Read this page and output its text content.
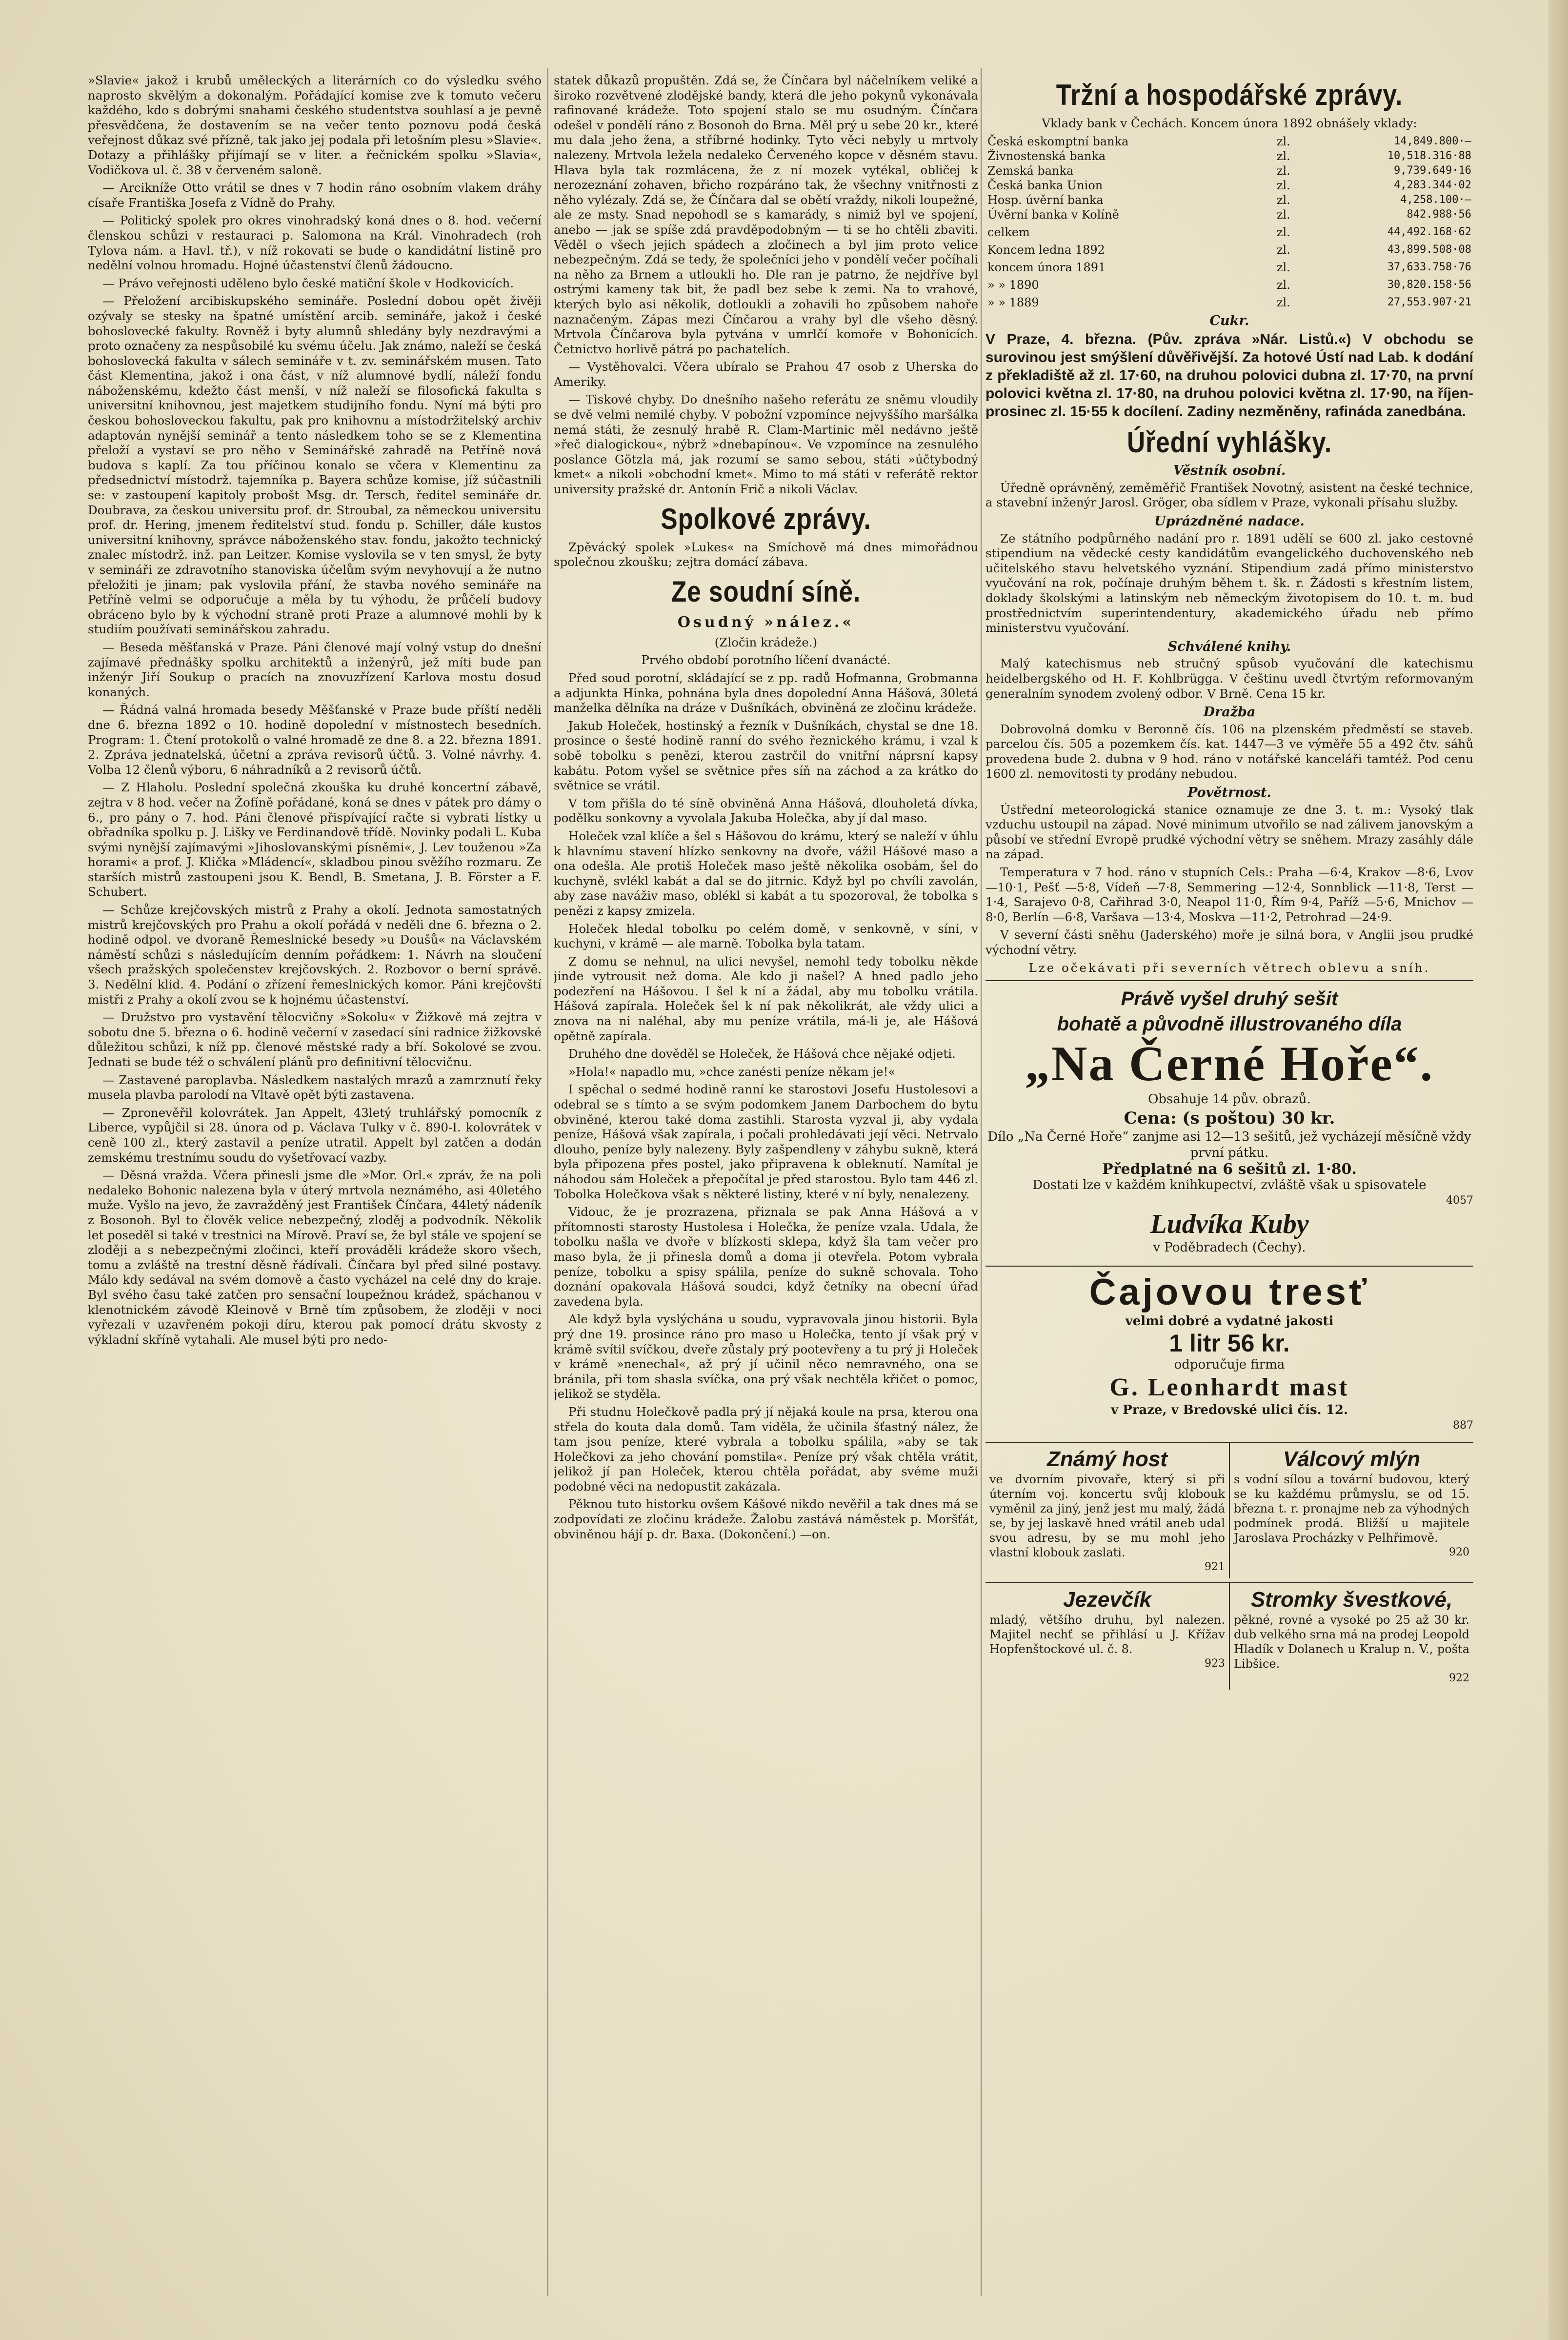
»Slavie« jakož i krubů uměleckých a literárních co do výsledku svého naprosto skvělým a dokonalým. Pořádající komise zve k tomuto večeru každého, kdo s dobrými snahami českého studentstva souhlasí a je pevně přesvědčena, že dostavením se na večer tento poznovu podá česká veřejnost důkaz své přízně, tak jako jej podala při letošním plesu »Slavie«. Dotazy a přihlášky přijímají se v liter. a řečnickém spolku »Slavia«, Vodičkova ul. č. 38 v červeném saloně.

— Arcikníže Otto vrátil se dnes v 7 hodin ráno osobním vlakem dráhy císaře Františka Josefa z Vídně do Prahy.

— Politický spolek pro okres vinohradský koná dnes o 8. hod. večerní členskou schůzi v restauraci p. Salomona na Král. Vinohradech (roh Tylova nám. a Havl. tř.), v níž rokovati se bude o kandidátní listině pro nedělní volnou hromadu. Hojné účastenství členů žádoucno.

— Právo veřejnosti uděleno bylo české matiční škole v Hodkovicích.

— Přeložení arcibiskupského semináře. Poslední dobou opět živěji ozývaly se stesky na špatné umístění arcib. semináře, jakož i české bohoslovecké fakulty. Rovněž i byty alumnů shledány byly nezdravými a proto označeny za nespůsobilé ku svému účelu. Jak známo, naleží se česká bohoslovecká fakulta v sálech semináře v t. zv. seminářském musen. Tato část Klementina, jakož i ona část, v níž alumnové bydlí, náleží fondu náboženskému, kdežto část menší, v níž naleží se filosofická fakulta s universitní knihovnou, jest majetkem studijního fondu. Nyní má býti pro českou bohosloveckou fakultu, pak pro knihovnu a místodržitelský archiv adaptován nynější seminář a tento následkem toho se se z Klementina přeloží a vystaví se pro něho v Seminářské zahradě na Petříně nová budova s kaplí. Za tou příčinou konalo se včera v Klementinu za předsednictví místodrž. tajemníka p. Bayera schůze komise, jíž súčastnili se: v zastoupení kapitoly probošt Msg. dr. Tersch, ředitel semináře dr. Doubrava, za českou universitu prof. dr. Stroubal, za německou universitu prof. dr. Hering, jmenem ředitelství stud. fondu p. Schiller, dále kustos universitní knihovny, správce náboženského stav. fondu, jakožto technický znalec místodrž. inž. pan Leitzer. Komise vyslovila se v ten smysl, že byty v semináři ze zdravotního stanoviska účelům svým nevyhovují a že nutno přeložiti je jinam; pak vyslovila přání, že stavba nového semináře na Petříně velmi se odporučuje a měla by tu výhodu, že průčelí budovy obráceno bylo by k východní straně proti Praze a alumnové mohli by k studiím používati seminářskou zahradu.

— Beseda měšťanská v Praze. Páni členové mají volný vstup do dnešní zajímavé přednášky spolku architektů a inženýrů, jež míti bude pan inženýr Jiří Soukup o pracích na znovuzřízení Karlova mostu dosud konaných.

— Řádná valná hromada besedy Měšťanské v Praze bude příští neděli dne 6. března 1892 o 10. hodině dopolední v místnostech besedních. Program: 1. Čtení protokolů o valné hromadě ze dne 8. a 22. března 1891. 2. Zpráva jednatelská, účetní a zpráva revisorů účtů. 3. Volné návrhy. 4. Volba 12 členů výboru, 6 náhradníků a 2 revisorů účtů.

— Z Hlaholu. Poslední společná zkouška ku druhé koncertní zábavě, zejtra v 8 hod. večer na Žofíně pořádané, koná se dnes v pátek pro dámy o 6., pro pány o 7. hod. Páni členové přispívající račte si vybrati lístky u obřadníka spolku p. J. Lišky ve Ferdinandově třídě. Novinky podali L. Kuba svými nynější zajímavými »Jihoslovanskými písněmi«, J. Lev touženou »Za horami« a prof. J. Klička »Mládencí«, skladbou pinou svěžího rozmaru. Ze starších mistrů zastoupeni jsou K. Bendl, B. Smetana, J. B. Förster a F. Schubert.

— Schůze krejčovských mistrů z Prahy a okolí. Jednota samostatných mistrů krejčovských pro Prahu a okolí pořádá v neděli dne 6. března o 2. hodině odpol. ve dvoraně Řemeslnické besedy »u Doušů« na Václavském náměstí schůzi s následujícím denním pořádkem: 1. Návrh na sloučení všech pražských společenstev krejčovských. 2. Rozbovor o berní správě. 3. Nedělní klid. 4. Podání o zřízení řemeslnických komor. Páni krejčovští mistři z Prahy a okolí zvou se k hojnému účastenství.

— Družstvo pro vystavění tělocvičny »Sokolu« v Žižkově má zejtra v sobotu dne 5. března o 6. hodině večerní v zasedací síni radnice žižkovské důležitou schůzi, k níž pp. členové městské rady a bří. Sokolové se zvou. Jednati se bude též o schválení plánů pro definitivní tělocvičnu.

— Zastavené paroplavba. Následkem nastalých mrazů a zamrznutí řeky musela plavba parolodí na Vltavě opět býti zastavena.

— Zpronevěřil kolovrátek. Jan Appelt, 43letý truhlářský pomocník z Liberce, vypůjčil si 28. února od p. Václava Tulky v č. 890-I. kolovrátek v ceně 100 zl., který zastavil a peníze utratil. Appelt byl zatčen a dodán zemskému trestnímu soudu do vyšetřovací vazby.

— Děsná vražda. Včera přinesli jsme dle »Mor. Orl.« zpráv, že na poli nedaleko Bohonic nalezena byla v úterý mrtvola neznámého, asi 40letého muže. Vyšlo na jevo, že zavražděný jest František Čínčara, 44letý nádeník z Bosonoh. Byl to člověk velice nebezpečný, zloděj a podvodník. Několik let poseděl si také v trestnici na Mírově. Praví se, že byl stále ve spojení se zloději a s nebezpečnými zločinci, kteří prováděli krádeže skoro všech, tomu a zvláště na trestní děsně řádívali. Čínčara byl před silné postavy. Málo kdy sedával na svém domově a často vycházel na celé dny do kraje. Byl svého času také zatčen pro sensační loupežnou krádež, spáchanou v klenotnickém závodě Kleinově v Brně tím způsobem, že zloději v noci vyřezali v uzavřeném pokoji díru, kterou pak pomocí drátu skvosty z výkladní skříně vytahali. Ale musel býti pro nedo-

statek důkazů propuštěn. Zdá se, že Čínčara byl náčelníkem veliké a široko rozvětvené zlodějské bandy, která dle jeho pokynů vykonávala rafinované krádeže. Toto spojení stalo se mu osudným. Čínčara odešel v pondělí ráno z Bosonoh do Brna. Měl prý u sebe 20 kr., které mu dala jeho žena, a stříbrné hodinky. Tyto věci nebyly u mrtvoly nalezeny. Mrtvola ležela nedaleko Červeného kopce v děsném stavu. Hlava byla tak rozmlácena, že z ní mozek vytékal, obličej k nerozeznání zohaven, břicho rozpáráno tak, že všechny vnitřnosti z něho vylézaly. Zdá se, že Čínčara dal se obětí vraždy, nikoli loupežné, ale ze msty. Snad nepohodl se s kamarády, s nimiž byl ve spojení, anebo — jak se spíše zdá pravděpodobným — ti se ho chtěli zbaviti. Věděl o všech jejich spádech a zločinech a byl jim proto velice nebezpečným. Zdá se tedy, že společníci jeho v pondělí večer počíhali na něho za Brnem a utloukli ho. Dle ran je patrno, že nejdříve byl ostrými kameny tak bit, že padl bez sebe k zemi. Na to vrahové, kterých bylo asi několik, dotloukli a zohavili ho způsobem nahoře naznačeným. Zápas mezi Čínčarou a vrahy byl dle všeho děsný. Mrtvola Čínčarova byla pytvána v umrlčí komoře v Bohonicích. Četnictvo horlivě pátrá po pachatelích.

— Vystěhovalci. Včera ubíralo se Prahou 47 osob z Uherska do Ameriky.

— Tiskové chyby. Do dnešního našeho referátu ze sněmu vloudily se dvě velmi nemilé chyby. V pobožní vzpomínce nejvyššího maršálka nemá státi, že zesnulý hrabě R. Clam-Martinic měl nedávno ještě »řeč dialogickou«, nýbrž »dnebapínou«. Ve vzpomínce na zesnulého poslance Götzla má, jak rozumí se samo sebou, státi »účtybodný kmet« a nikoli »obchodní kmet«. Mimo to má státi v referátě rektor university pražské dr. Antonín Frič a nikoli Václav.

Spolkové zprávy.

Zpěvácký spolek »Lukes« na Smíchově má dnes mimořádnou společnou zkoušku; zejtra domácí zábava.

Ze soudní síně.
Osudný »nález.«

(Zločin krádeže.)

Prvého období porotního líčení dvanácté.

Před soud porotní, skládající se z pp. radů Hofmanna, Grobmanna a adjunkta Hinka, pohnána byla dnes dopolední Anna Hášová, 30letá manželka dělníka na dráze v Dušníkách, obviněná ze zločinu krádeže.

Jakub Holeček, hostinský a řezník v Dušníkách, chystal se dne 18. prosince o šesté hodině ranní do svého řeznického krámu, i vzal k sobě tobolku s penězi, kterou zastrčil do vnitřní náprsní kapsy kabátu. Potom vyšel se světnice přes síň na záchod a za krátko do světnice se vrátil.

V tom přišla do té síně obviněná Anna Hášová, dlouholetá dívka, podělku sonkovny a vyvolala Jakuba Holečka, aby jí dal maso.

Holeček vzal klíče a šel s Hášovou do krámu, který se naleží v úhlu k hlavnímu stavení hlízko senkovny na dvoře, vážil Hášové maso a ona odešla. Ale protiš Holeček maso ještě několika osobám, šel do kuchyně, svlékl kabát a dal se do jitrnic. Když byl po chvíli zavolán, aby zase naváživ maso, oblékl si kabát a tu spozoroval, že tobolka s penězi z kapsy zmizela.

Holeček hledal tobolku po celém domě, v senkovně, v síni, v kuchyni, v krámě — ale marně. Tobolka byla tatam.

Z domu se nehnul, na ulici nevyšel, nemohl tedy tobolku někde jinde vytrousit než doma. Ale kdo ji našel? A hned padlo jeho podezření na Hášovou. I šel k ní a žádal, aby mu tobolku vrátila. Hášová zapírala. Holeček šel k ní pak několikrát, ale vždy ulici a znova na ni naléhal, aby mu peníze vrátila, má-li je, ale Hášová opětně zapírala.

Druhého dne dověděl se Holeček, že Hášová chce nějaké odjeti.

»Hola!« napadlo mu, »chce zanésti peníze někam je!«

I spěchal o sedmé hodině ranní ke starostovi Josefu Hustolesovi a odebral se s tímto a se svým podomkem Janem Darbochem do bytu obviněné, kterou také doma zastihli. Starosta vyzval ji, aby vydala peníze, Hášová však zapírala, i počali prohledávati její věci. Netrvalo dlouho, peníze byly nalezeny. Byly zašpendleny v záhybu sukně, která byla připozena přes postel, jako připravena k obleknutí. Namítal je náhodou sám Holeček a přepočítal je před starostou. Bylo tam 446 zl. Tobolka Holečkova však s některé listiny, které v ní byly, nenalezeny.

Vidouc, že je prozrazena, přiznala se pak Anna Hášová a v přítomnosti starosty Hustolesa i Holečka, že peníze vzala. Udala, že tobolku našla ve dvoře v blízkosti sklepa, když šla tam večer pro maso byla, že ji přinesla domů a doma ji otevřela. Potom vybrala peníze, tobolku a spisy spálila, peníze do sukně schovala. Toho doznání opakovala Hášová soudci, když četníky na obecní úřad zavedena byla.

Ale když byla vyslýchána u soudu, vypravovala jinou historii. Byla prý dne 19. prosince ráno pro maso u Holečka, tento jí však prý v krámě svítil svíčkou, dveře zůstaly prý pootevřeny a tu prý ji Holeček v krámě »nenechal«, až prý jí učinil něco nemravného, ona se bránila, při tom shasla svíčka, ona prý však nechtěla křičet o pomoc, jelikož se styděla.

Při studnu Holečkově padla prý jí nějaká koule na prsa, kterou ona střela do kouta dala domů. Tam viděla, že učinila šťastný nález, že tam jsou peníze, které vybrala a tobolku spálila, »aby se tak Holečkovi za jeho chování pomstila«. Peníze prý však chtěla vrátit, jelikož jí pan Holeček, kterou chtěla pořádat, aby svéme muži podobné věci na nedopustit zakázala.

Pěknou tuto historku ovšem Kášové nikdo nevěřil a tak dnes má se zodpovídati ze zločinu krádeže. Žalobu zastává náměstek p. Moršťát, obviněnou hájí p. dr. Baxa. (Dokončení.) —on.

Tržní a hospodářské zprávy.

Vklady bank v Čechách. Koncem února 1892 obnášely vklady:

Česká eskomptní banka	zl.	14,849.800·—
Živnostenská banka	zl.	10,518.316·88
Zemská banka	zl.	9,739.649·16
Česká banka Union	zl.	4,283.344·02
Hosp. úvěrní banka	zl.	4,258.100·—
Úvěrní banka v Kolíně	zl.	842.988·56
celkem	zl.	44,492.168·62
Koncem ledna 1892	zl.	43,899.508·08
koncem února 1891	zl.	37,633.758·76
» » 1890	zl.	30,820.158·56
» » 1889	zl.	27,553.907·21
Cukr.

V Praze, 4. března. (Pův. zpráva »Nár. Listů.«) V obchodu se surovinou jest smýšlení důvěřivější. Za hotové Ústí nad Lab. k dodání z překladiště až zl. 17·60, na druhou polovici dubna zl. 17·70, na první polovici května zl. 17·80, na druhou polovici května zl. 17·90, na říjen-prosinec zl. 15·55 k docílení. Zadiny nezměněny, rafináda zanedbána.

Úřední vyhlášky.
Věstník osobní.

Úředně oprávněný, zeměměřič František Novotný, asistent na české technice, a stavební inženýr Jarosl. Gröger, oba sídlem v Praze, vykonali přísahu služby.

Uprázdněné nadace.

Ze státního podpůrného nadání pro r. 1891 udělí se 600 zl. jako cestovné stipendium na vědecké cesty kandidátům evangelického duchovenského neb učitelského stavu helvetského vyznání. Stipendium zadá přímo ministerstvo vyučování na rok, počínaje druhým během t. šk. r. Žádosti s křestním listem, doklady školskými a latinským neb německým životopisem do 10. t. m. buď prostřednictvím superintendentury, akademického úřadu neb přímo ministerstvu vyučování.

Schválené knihy.

Malý katechismus neb stručný spůsob vyučování dle katechismu heidelbergského od H. F. Kohlbrügga. V češtinu uvedl čtvrtým reformovaným generalním synodem zvolený odbor. V Brně. Cena 15 kr.

Dražba

Dobrovolná domku v Beronně čís. 106 na plzenském předměstí se staveb. parcelou čís. 505 a pozemkem čís. kat. 1447—3 ve výměře 55 a 492 čtv. sáhů provedena bude 2. dubna v 9 hod. ráno v notářské kanceláři tamtéž. Pod cenu 1600 zl. nemovitosti ty prodány nebudou.

Povětrnost.

Ústřední meteorologická stanice oznamuje ze dne 3. t. m.: Vysoký tlak vzduchu ustoupil na západ. Nové minimum utvořilo se nad zálivem janovským a působí ve střední Evropě prudké východní větry se sněhem. Mrazy zasáhly dále na západ.

Temperatura v 7 hod. ráno v stupních Cels.: Praha —6·4, Krakov —8·6, Lvov —10·1, Pešť —5·8, Vídeň —7·8, Semmering —12·4, Sonnblick —11·8, Terst —1·4, Sarajevo 0·8, Cařihrad 3·0, Neapol 11·0, Řím 9·4, Paříž —5·6, Mnichov —8·0, Berlín —6·8, Varšava —13·4, Moskva —11·2, Petrohrad —24·9.

V severní části sněhu (Jaderského) moře je silná bora, v Anglii jsou prudké východní větry.

Lze očekávati při severních větrech oblevu a sníh.

Právě vyšel druhý sešit
bohatě a původně illustrovaného díla
„Na Černé Hoře“.
Obsahuje 14 pův. obrazů.
Cena: (s poštou) 30 kr.
Dílo „Na Černé Hoře“ zanjme asi 12—13 sešitů, jež vycházejí měsíčně vždy první pátku.
Předplatné na 6 sešitů zl. 1·80.
Dostati lze v každém knihkupectví, zvláště však u spisovatele
4057
Ludvíka Kuby
v Poděbradech (Čechy).
Čajovou tresť
velmi dobré a vydatné jakosti
1 litr 56 kr.
odporučuje firma
G. Leonhardt mast
v Praze, v Bredovské ulici čís. 12.
887
Známý host
ve dvorním pivovaře, který si při úterním voj. koncertu svůj klobouk vyměnil za jiný, jenž jest mu malý, žádá se, by jej laskavě hned vrátil aneb udal svou adresu, by se mu mohl jeho vlastní klobouk zaslati.
921
Válcový mlýn
s vodní sílou a tovární budovou, který se ku každému průmyslu, se od 15. března t. r. pronajme neb za výhodných podmínek prodá. Bližší u majitele Jaroslava Procházky v Pelhřimově.
920
Jezevčík
mladý, většího druhu, byl nalezen. Majitel nechť se přihlásí u J. Křížav Hopfenštockové ul. č. 8.
923
Stromky švestkové,
pěkné, rovné a vysoké po 25 až 30 kr. dub velkého srna má na prodej Leopold Hladík v Dolanech u Kralup n. V., pošta Libšice.
922
